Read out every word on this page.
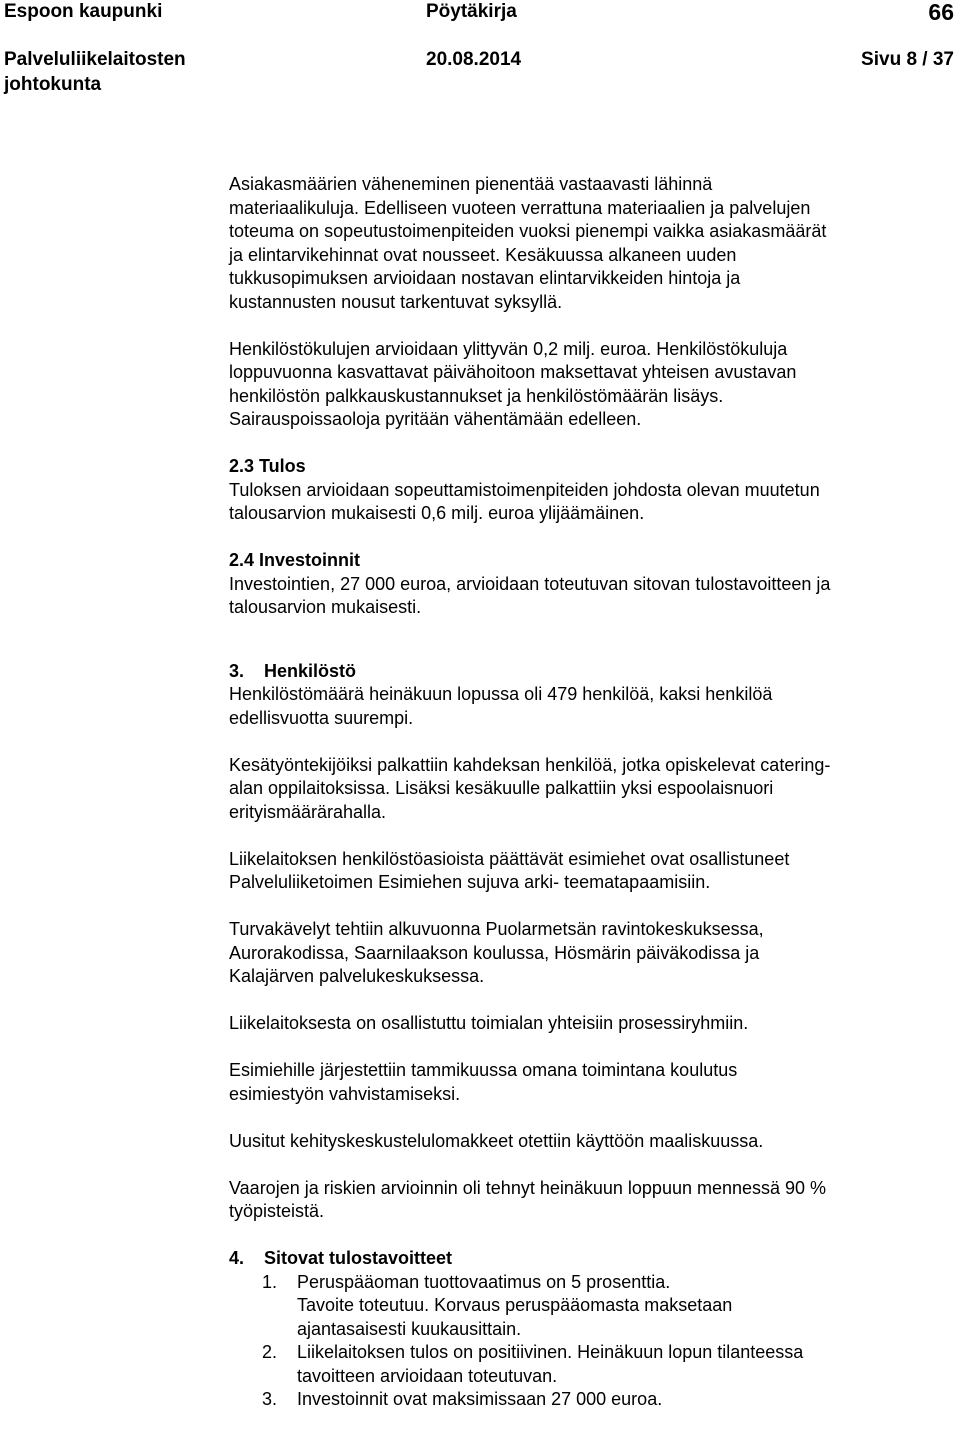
Espoon kaupunki	Pöytäkirja	66
Palveluliikelaitosten
johtokunta
20.08.2014	Sivu 8 / 37

Asiakasmäärien väheneminen pienentää vastaavasti lähinnä
materiaalikuluja. Edelliseen vuoteen verrattuna materiaalien ja palvelujen
toteuma on sopeutustoimenpiteiden vuoksi pienempi vaikka asiakasmäärät
ja elintarvikehinnat ovat nousseet. Kesäkuussa alkaneen uuden
tukkusopimuksen arvioidaan nostavan elintarvikkeiden hintoja ja
kustannusten nousut tarkentuvat syksyllä.

Henkilöstökulujen arvioidaan ylittyvän 0,2 milj. euroa. Henkilöstökuluja
loppuvuonna kasvattavat päivähoitoon maksettavat yhteisen avustavan
henkilöstön palkkauskustannukset ja henkilöstömäärän lisäys.
Sairauspoissaoloja pyritään vähentämään edelleen.

2.3 Tulos

Tuloksen arvioidaan sopeuttamistoimenpiteiden johdosta olevan muutetun
talousarvion mukaisesti 0,6 milj. euroa ylijäämäinen.

2.4 Investoinnit

Investointien, 27 000 euroa, arvioidaan toteutuvan sitovan tulostavoitteen ja
talousarvion mukaisesti.

3.	Henkilöstö

Henkilöstömäärä heinäkuun lopussa oli 479 henkilöä, kaksi henkilöä
edellisvuotta suurempi.

Kesätyöntekijöiksi palkattiin kahdeksan henkilöä, jotka opiskelevat catering-
alan oppilaitoksissa. Lisäksi kesäkuulle palkattiin yksi espoolaisnuori
erityismäärärahalla.

Liikelaitoksen henkilöstöasioista päättävät esimiehet ovat osallistuneet
Palveluliiketoimen Esimiehen sujuva arki- teematapaamisiin.

Turvakävelyt tehtiin alkuvuonna Puolarmetsän ravintokeskuksessa,
Aurorakodissa, Saarnilaakson koulussa, Hösmärin päiväkodissa ja
Kalajärven palvelukeskuksessa.

Liikelaitoksesta on osallistuttu toimialan yhteisiin prosessiryhmiin.

Esimiehille järjestettiin tammikuussa omana toimintana koulutus
esimiestyön vahvistamiseksi.

Uusitut kehityskeskustelulomakkeet otettiin käyttöön maaliskuussa.

Vaarojen ja riskien arvioinnin oli tehnyt heinäkuun loppuun mennessä 90 %
työpisteistä.

4.	Sitovat tulostavoitteet
1.	Peruspääoman tuottovaatimus on 5 prosenttia.
Tavoite toteutuu. Korvaus peruspääomasta maksetaan
ajantasaisesti kuukausittain.
2.	Liikelaitoksen tulos on positiivinen. Heinäkuun lopun tilanteessa
tavoitteen arvioidaan toteutuvan.
3.	Investoinnit ovat maksimissaan 27 000 euroa.
